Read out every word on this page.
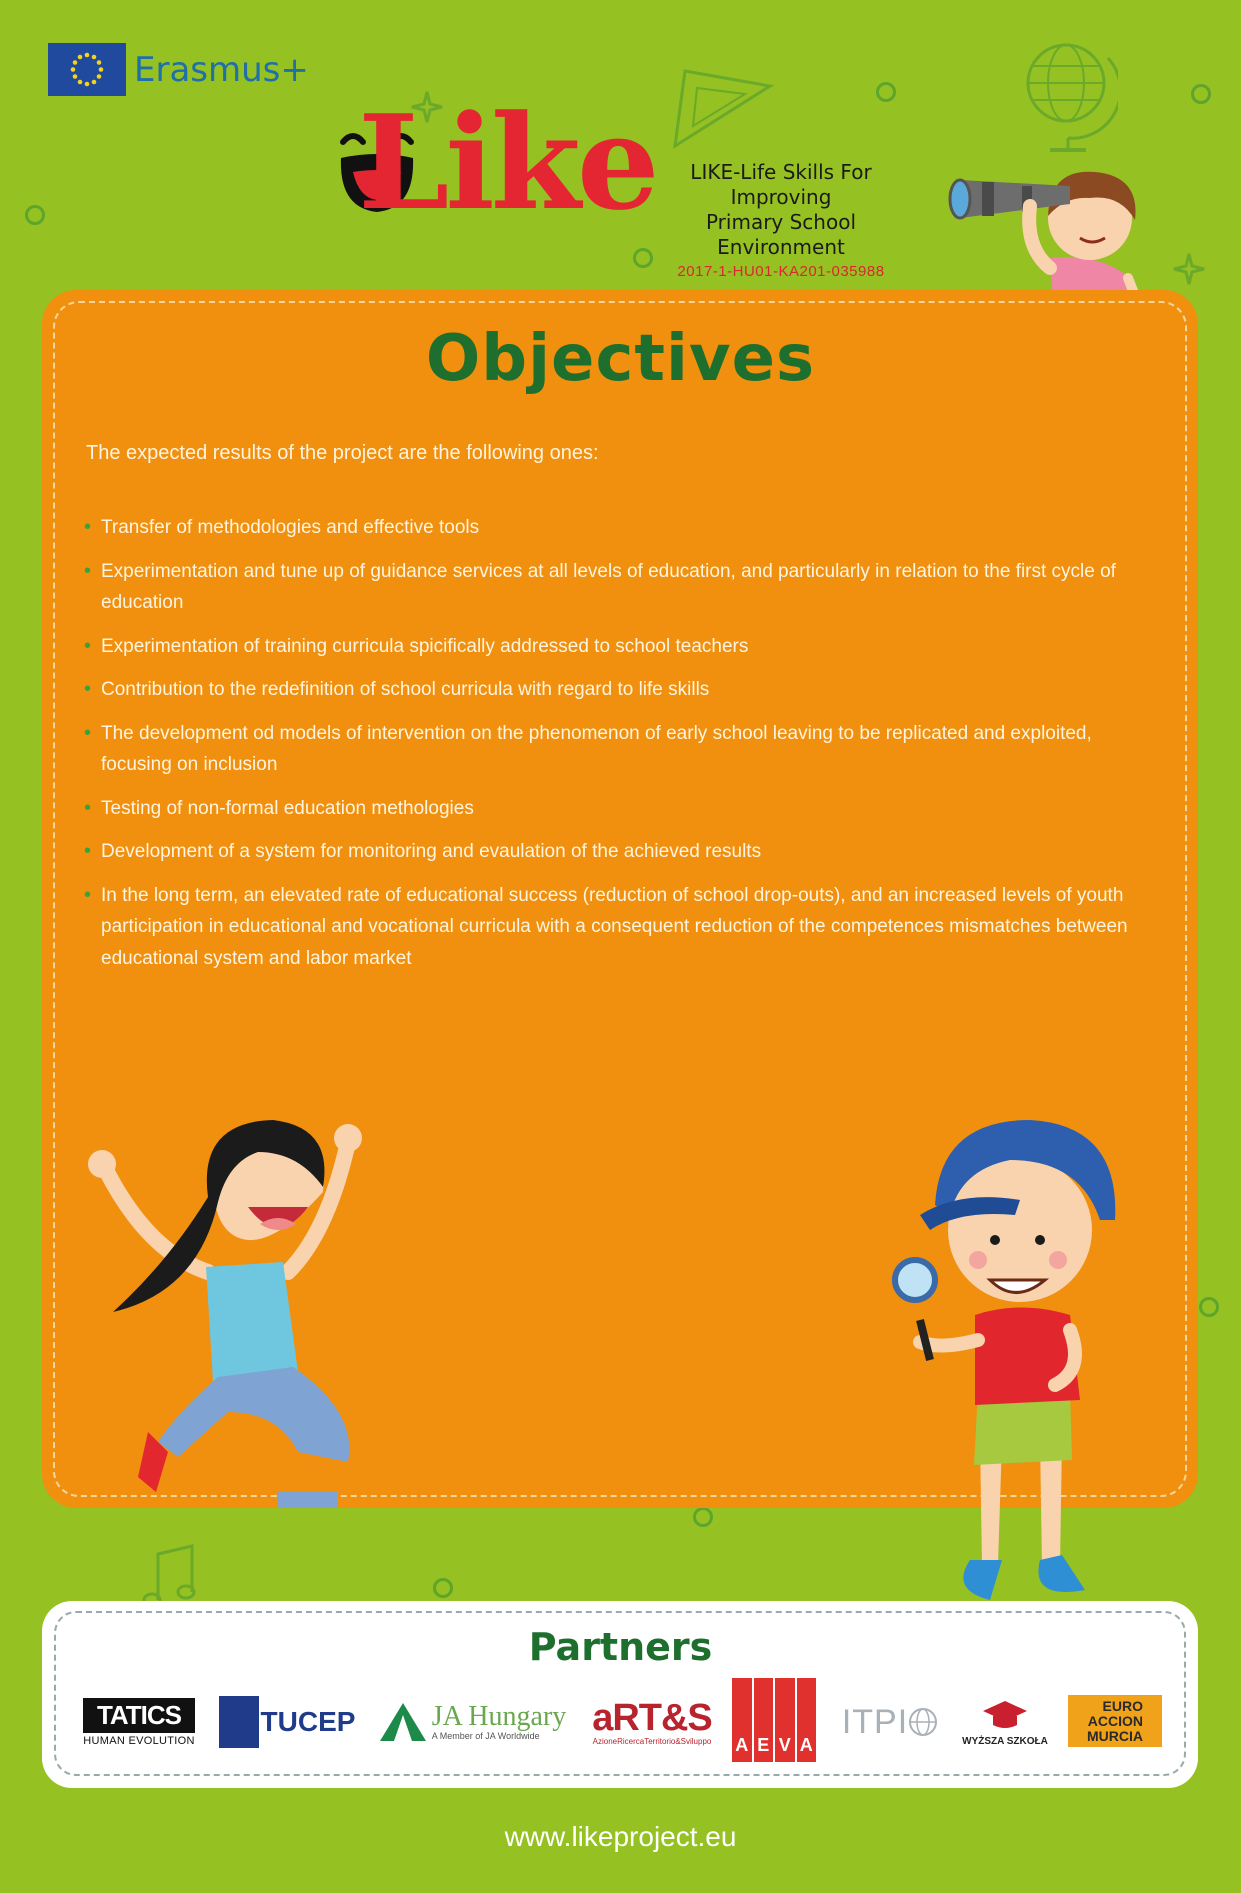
Erasmus+
Like	LIKE-Life Skills For Improving
Primary School Environment
2017-1-HU01-KA201-035988
Objectives
The expected results of the project are the following ones:
• Transfer of methodologies and effective tools
• Experimentation and tune up of guidance services at all levels of education, and particularly in relation to the first cycle of education
• Experimentation of training curricula spicifically addressed to school teachers
• Contribution to the redefinition of school curricula with regard to life skills
• The development od models of intervention on the phenomenon of early school leaving to be replicated and exploited, focusing on inclusion
• Testing of non-formal education methologies
• Development of a system for monitoring and evaulation of the achieved results
• In the long term, an elevated rate of educational success (reduction of school drop-outs), and an increased levels of youth participation in educational and vocational curricula with a consequent reduction of the competences mismatches between educational system and labor market
Partners
TATICS
HUMAN EVOLUTION
TUCEP	JA Hungary
A Member of JA Worldwide	aRT&S
AzioneRicercaTerritorio&Sviluppo A E V A
ITPI
WYŻSZA SZKOŁA
EURO
ACCION
MURCIA
www.likeproject.eu
